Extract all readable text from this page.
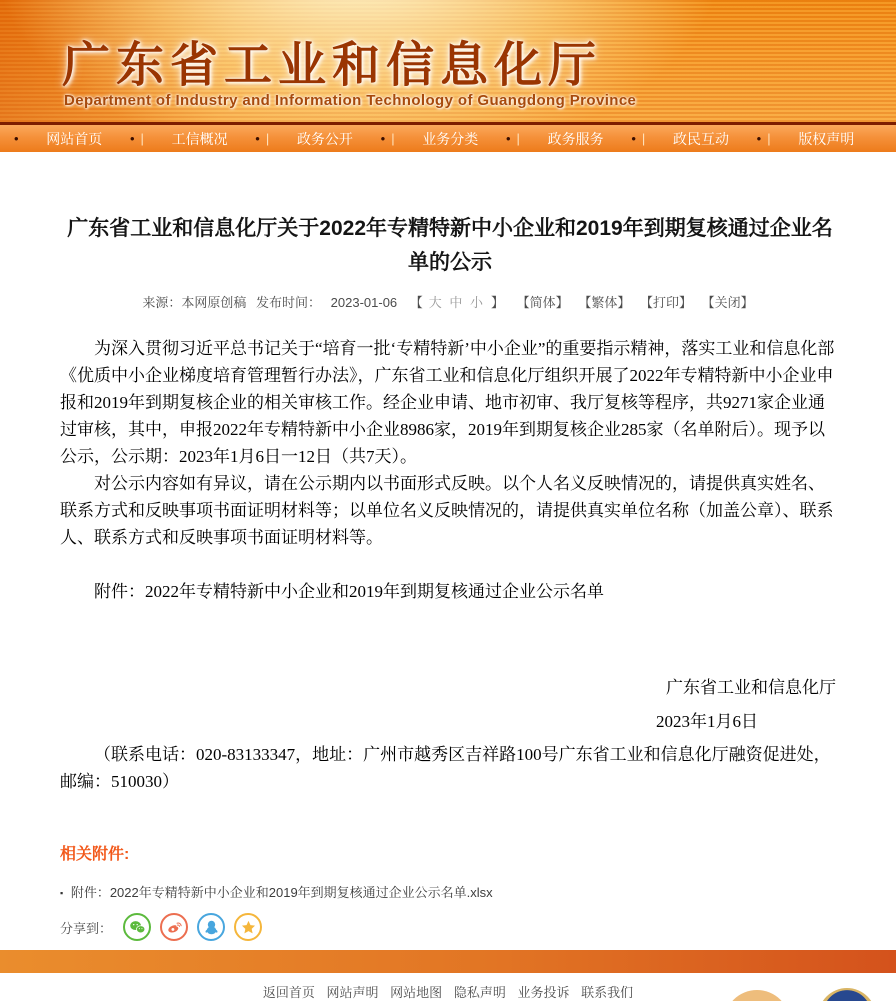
广东省工业和信息化厅
Department of Industry and Information Technology of Guangdong Province
•	网站首页	• |	工信概况	• |	政务公开	• |	业务分类	• |	政务服务	• |	政民互动	• |	版权声明
广东省工业和信息化厅关于2022年专精特新中小企业和2019年到期复核通过企业名单的公示
来源：本网原创稿 发布时间： 2023-01-06 【 大 中 小 】 【简体】 【繁体】 【打印】 【关闭】

为深入贯彻习近平总书记关于“培育一批‘专精特新’中小企业”的重要指示精神，落实工业和信息化部《优质中小企业梯度培育管理暂行办法》，广东省工业和信息化厅组织开展了2022年专精特新中小企业申报和2019年到期复核企业的相关审核工作。经企业申请、地市初审、我厅复核等程序，共9271家企业通过审核，其中，申报2022年专精特新中小企业8986家，2019年到期复核企业285家（名单附后）。现予以公示，公示期：2023年1月6日一12日（共7天）。

对公示内容如有异议，请在公示期内以书面形式反映。以个人名义反映情况的，请提供真实姓名、联系方式和反映事项书面证明材料等；以单位名义反映情况的，请提供真实单位名称（加盖公章）、联系人、联系方式和反映事项书面证明材料等。

附件：2022年专精特新中小企业和2019年到期复核通过企业公示名单

广东省工业和信息化厅

2023年1月6日

（联系电话：020-83133347，地址：广州市越秀区吉祥路100号广东省工业和信息化厅融资促进处，邮编：510030）

相关附件:
▪ 附件：2022年专精特新中小企业和2019年到期复核通过企业公示名单.xlsx
分享到：
返回首页 网站声明 网站地图 隐私声明 业务投诉 联系我们
